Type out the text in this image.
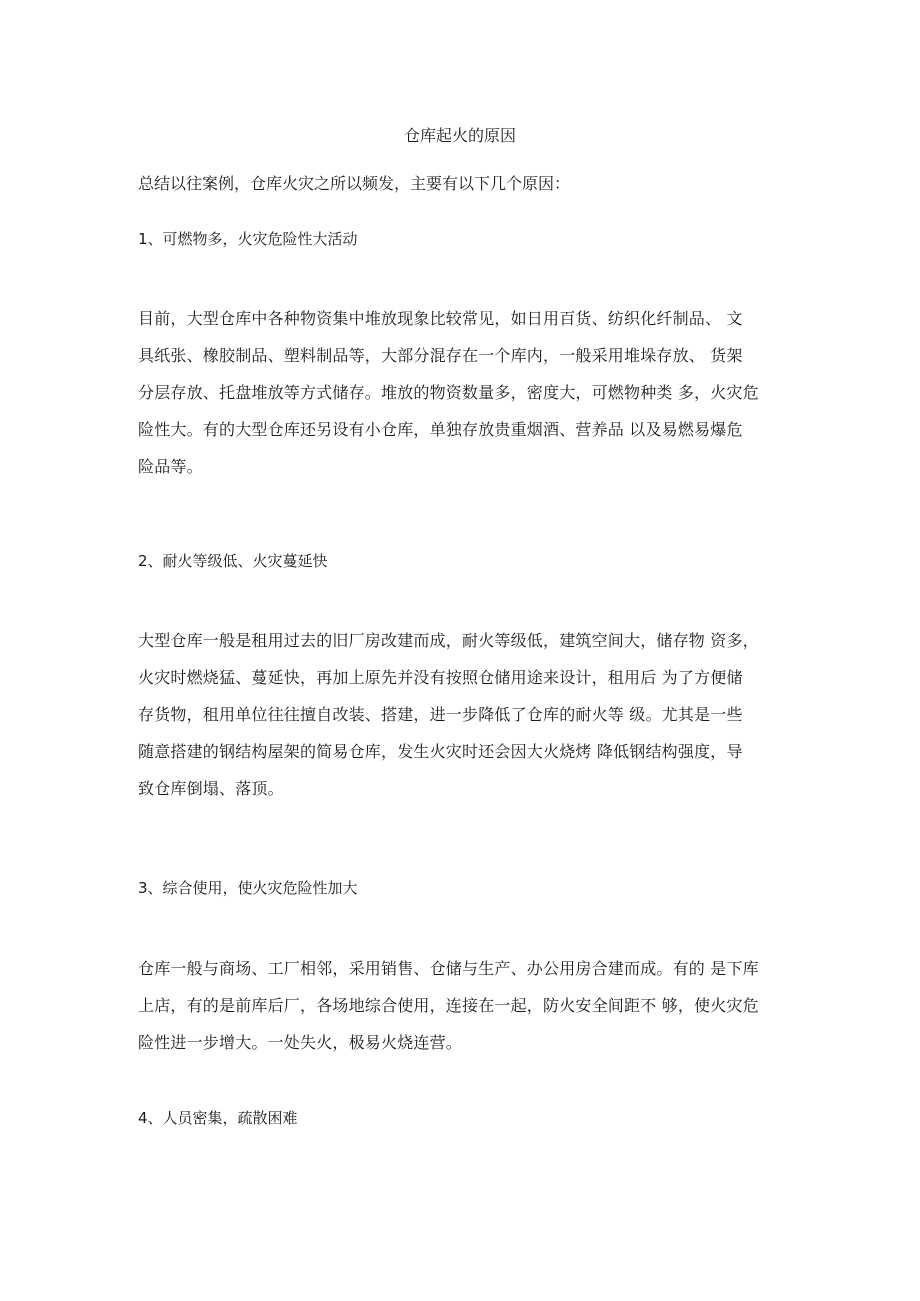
仓库起火的原因
总结以往案例，仓库火灾之所以频发，主要有以下几个原因：
1、可燃物多，火灾危险性大活动
目前，大型仓库中各种物资集中堆放现象比较常见，如日用百货、纺织化纤制品、 文
具纸张、橡胶制品、塑料制品等，大部分混存在一个库内，一般采用堆垛存放、 货架
分层存放、托盘堆放等方式储存。堆放的物资数量多，密度大，可燃物种类 多，火灾危
险性大。有的大型仓库还另设有小仓库，单独存放贵重烟酒、营养品 以及易燃易爆危
险品等。
2、耐火等级低、火灾蔓延快
大型仓库一般是租用过去的旧厂房改建而成，耐火等级低，建筑空间大，储存物 资多，
火灾时燃烧猛、蔓延快，再加上原先并没有按照仓储用途来设计，租用后 为了方便储
存货物，租用单位往往擅自改装、搭建，进一步降低了仓库的耐火等 级。尤其是一些
随意搭建的钢结构屋架的简易仓库，发生火灾时还会因大火烧烤 降低钢结构强度，导
致仓库倒塌、落顶。
3、综合使用，使火灾危险性加大
仓库一般与商场、工厂相邻，采用销售、仓储与生产、办公用房合建而成。有的 是下库
上店，有的是前库后厂，各场地综合使用，连接在一起，防火安全间距不 够，使火灾危
险性进一步增大。一处失火，极易火烧连营。
4、人员密集，疏散困难
